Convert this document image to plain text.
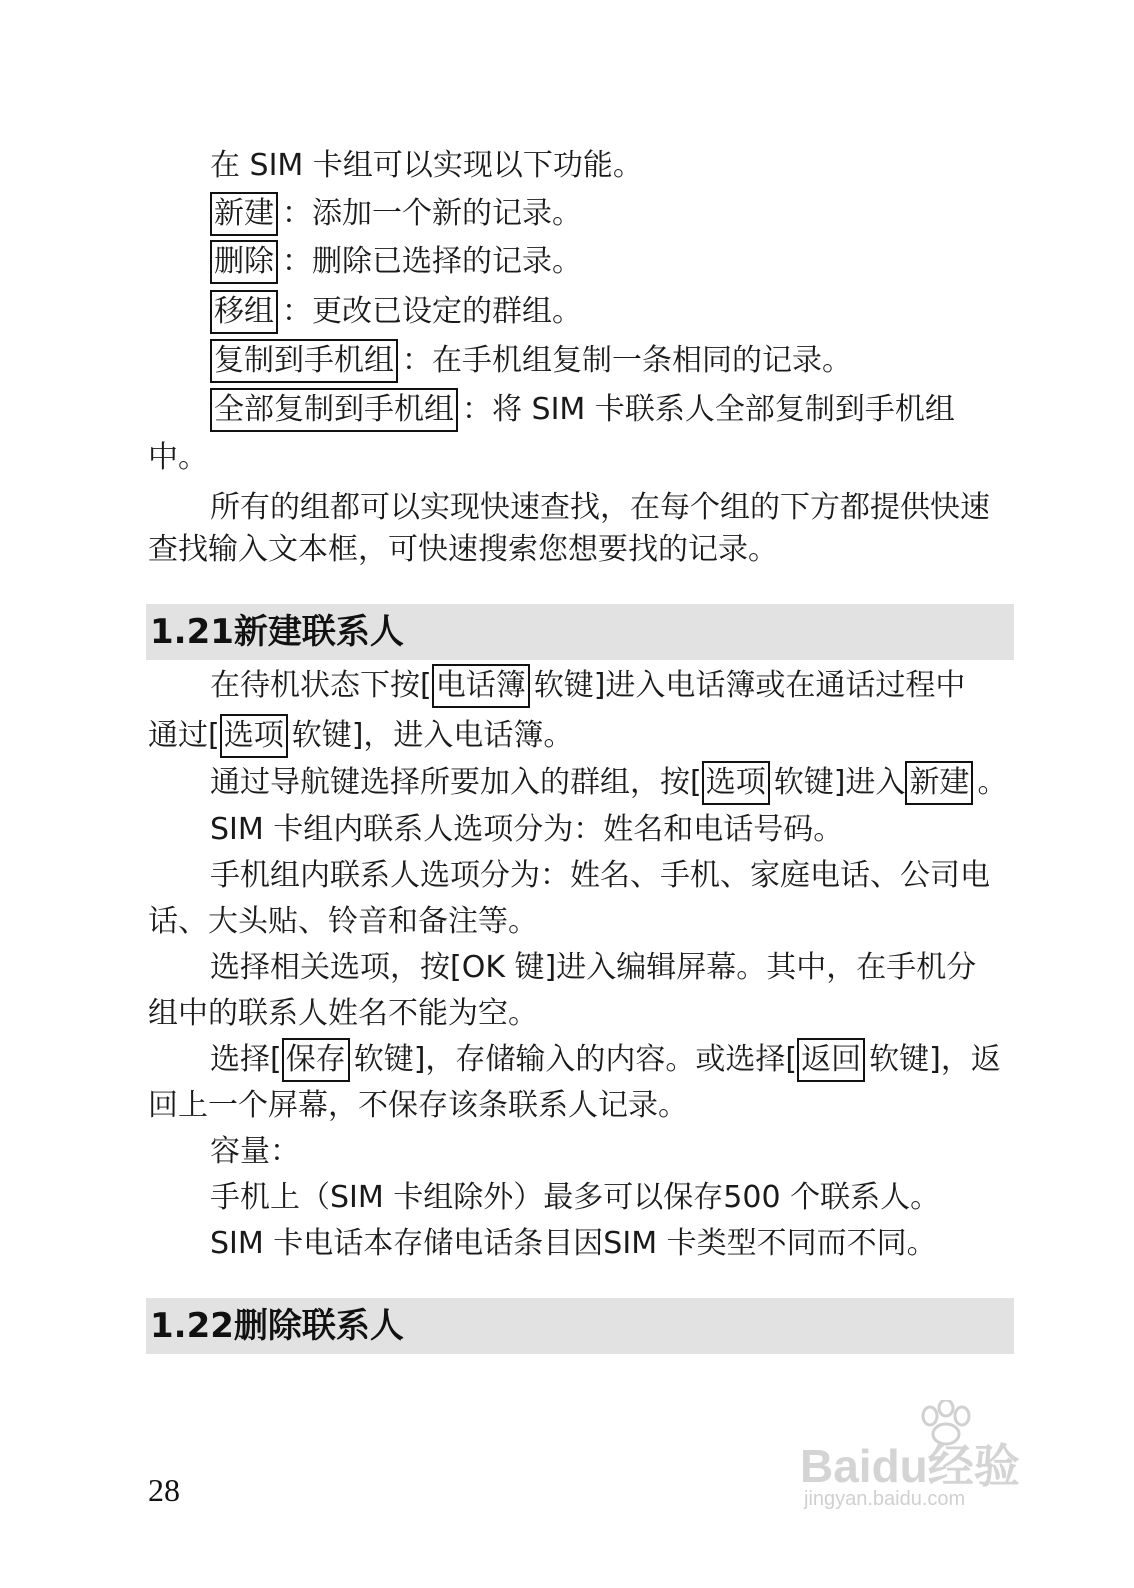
在 SIM 卡组可以实现以下功能。
新建 ：添加一个新的记录。
删除 ：删除已选择的记录。
移组 ：更改已设定的群组。
复制到手机组 ：在手机组复制一条相同的记录。
全部复制到手机组 ：将 SIM 卡联系人全部复制到手机组
中。
所有的组都可以实现快速查找，在每个组的下方都提供快速
查找输入文本框，可快速搜索您想要找的记录。
1.21新建联系人
在待机状态下按[ 电话簿 软键]进入电话簿或在通话过程中
通过[ 选项 软键]，进入电话簿。
通过导航键选择所要加入的群组，按[ 选项 软键]进入 新建 。
SIM 卡组内联系人选项分为：姓名和电话号码。
手机组内联系人选项分为：姓名、手机、家庭电话、公司电
话、大头贴、铃音和备注等。
选择相关选项，按[OK 键]进入编辑屏幕。其中，在手机分
组中的联系人姓名不能为空。
选择[ 保存 软键]，存储输入的内容。或选择[ 返回 软键]，返
回上一个屏幕，不保存该条联系人记录。
容量：
手机上（SIM 卡组除外）最多可以保存500 个联系人。
SIM 卡电话本存储电话条目因SIM 卡类型不同而不同。
1.22删除联系人
28	Baidu经验
jingyan.baidu.com
